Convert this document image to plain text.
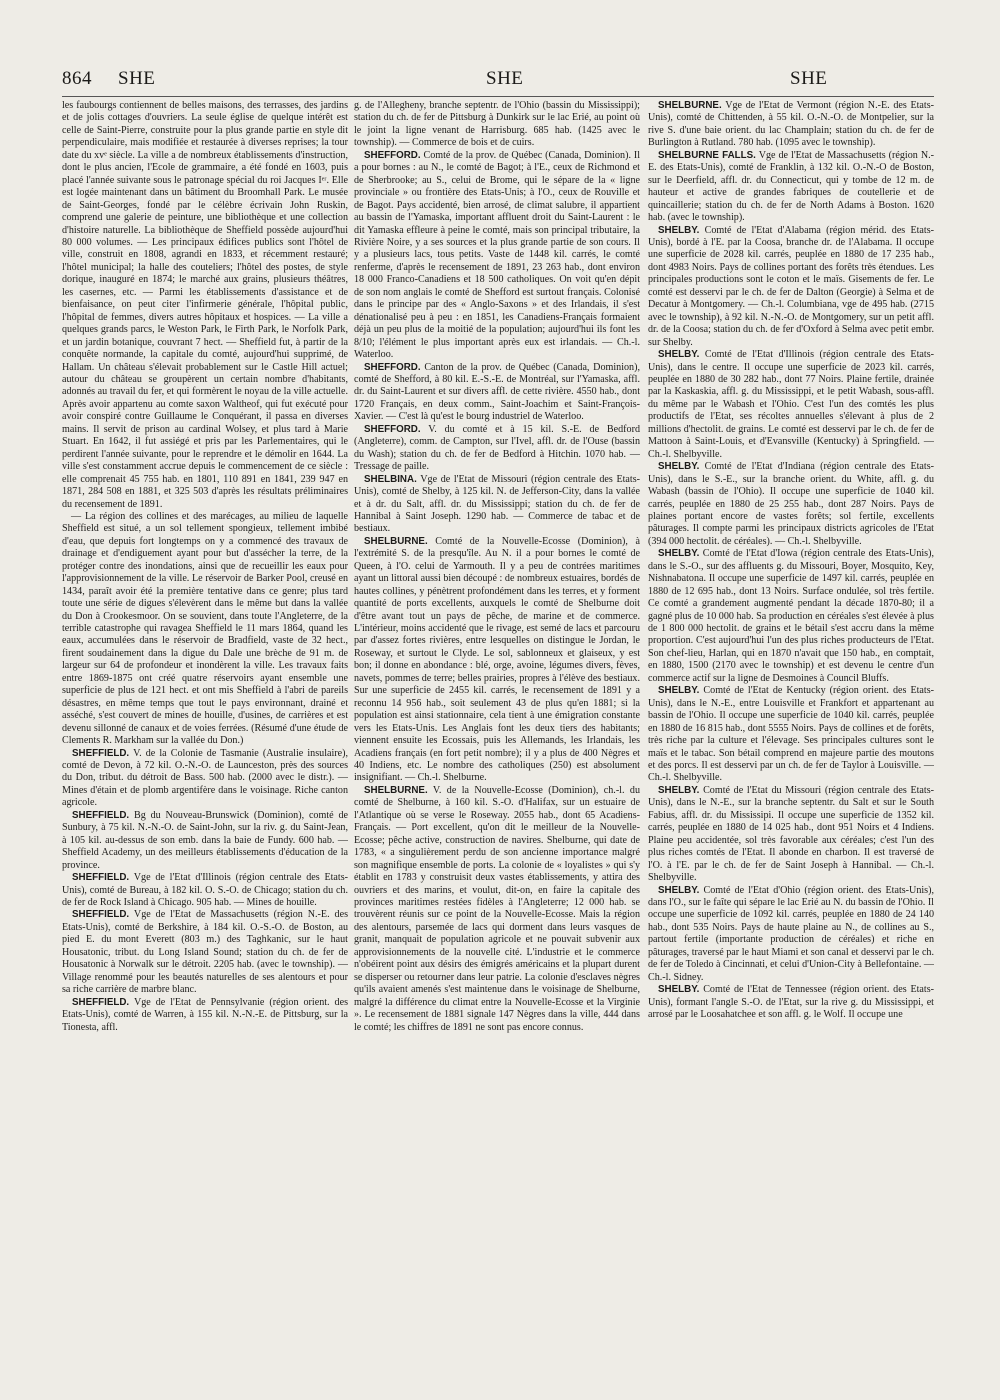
864 SHE	SHE	SHE

les faubourgs contiennent de belles maisons, des terrasses, des jardins et de jolis cottages d'ouvriers. La seule église de quelque intérêt est celle de Saint-Pierre, construite pour la plus grande partie en style dit perpendiculaire, mais modifiée et restaurée à diverses reprises; la tour date du xvᵉ siècle. La ville a de nombreux établissements d'instruction, dont le plus ancien, l'Ecole de grammaire, a été fondé en 1603, puis placé l'année suivante sous le patronage spécial du roi Jacques Iᵉʳ. Elle est logée maintenant dans un bâtiment du Broomhall Park. Le musée de Saint-Georges, fondé par le célèbre écrivain John Ruskin, comprend une galerie de peinture, une bibliothèque et une collection d'histoire naturelle. La bibliothèque de Sheffield possède aujourd'hui 80 000 volumes. — Les principaux édifices publics sont l'hôtel de ville, construit en 1808, agrandi en 1833, et récemment restauré; l'hôtel municipal; la halle des couteliers; l'hôtel des postes, de style dorique, inauguré en 1874; le marché aux grains, plusieurs théâtres, les casernes, etc. — Parmi les établissements d'assistance et de bienfaisance, on peut citer l'infirmerie générale, l'hôpital public, l'hôpital de femmes, divers autres hôpitaux et hospices. — La ville a quelques grands parcs, le Weston Park, le Firth Park, le Norfolk Park, et un jardin botanique, couvrant 7 hect. — Sheffield fut, à partir de la conquête normande, la capitale du comté, aujourd'hui supprimé, de Hallam. Un château s'élevait probablement sur le Castle Hill actuel; autour du château se groupèrent un certain nombre d'habitants, adonnés au travail du fer, et qui formèrent le noyau de la ville actuelle. Après avoir appartenu au comte saxon Waltheof, qui fut exécuté pour avoir conspiré contre Guillaume le Conquérant, il passa en diverses mains. Il servit de prison au cardinal Wolsey, et plus tard à Marie Stuart. En 1642, il fut assiégé et pris par les Parlementaires, qui le perdirent l'année suivante, pour le reprendre et le démolir en 1644. La ville s'est constamment accrue depuis le commencement de ce siècle : elle comprenait 45 755 hab. en 1801, 110 891 en 1841, 239 947 en 1871, 284 508 en 1881, et 325 503 d'après les résultats préliminaires du recensement de 1891.

— La région des collines et des marécages, au milieu de laquelle Sheffield est situé, a un sol tellement spongieux, tellement imbibé d'eau, que depuis fort longtemps on y a commencé des travaux de drainage et d'endiguement ayant pour but d'assécher la terre, de la protéger contre des inondations, ainsi que de recueillir les eaux pour l'approvisionnement de la ville. Le réservoir de Barker Pool, creusé en 1434, paraît avoir été la première tentative dans ce genre; plus tard toute une série de digues s'élevèrent dans le même but dans la vallée du Don à Crookesmoor. On se souvient, dans toute l'Angleterre, de la terrible catastrophe qui ravagea Sheffield le 11 mars 1864, quand les eaux, accumulées dans le réservoir de Bradfield, vaste de 32 hect., firent soudainement dans la digue du Dale une brèche de 91 m. de largeur sur 64 de profondeur et inondèrent la ville. Les travaux faits entre 1869-1875 ont créé quatre réservoirs ayant ensemble une superficie de plus de 121 hect. et ont mis Sheffield à l'abri de pareils désastres, en même temps que tout le pays environnant, drainé et asséché, s'est couvert de mines de houille, d'usines, de carrières et est devenu sillonné de canaux et de voies ferrées. (Résumé d'une étude de Clements R. Markham sur la vallée du Don.)

SHEFFIELD. V. de la Colonie de Tasmanie (Australie insulaire), comté de Devon, à 72 kil. O.-N.-O. de Launceston, près des sources du Don, tribut. du détroit de Bass. 500 hab. (2000 avec le distr.). — Mines d'étain et de plomb argentifère dans le voisinage. Riche canton agricole.

SHEFFIELD. Bg du Nouveau-Brunswick (Dominion), comté de Sunbury, à 75 kil. N.-N.-O. de Saint-John, sur la riv. g. du Saint-Jean, à 105 kil. au-dessus de son emb. dans la baie de Fundy. 600 hab. — Sheffield Academy, un des meilleurs établissements d'éducation de la province.

SHEFFIELD. Vge de l'Etat d'Illinois (région centrale des Etats-Unis), comté de Bureau, à 182 kil. O. S.-O. de Chicago; station du ch. de fer de Rock Island à Chicago. 905 hab. — Mines de houille.

SHEFFIELD. Vge de l'Etat de Massachusetts (région N.-E. des Etats-Unis), comté de Berkshire, à 184 kil. O.-S.-O. de Boston, au pied E. du mont Everett (803 m.) des Taghkanic, sur le haut Housatonic, tribut. du Long Island Sound; station du ch. de fer de Housatonic à Norwalk sur le détroit. 2205 hab. (avec le township). — Village renommé pour les beautés naturelles de ses alentours et pour sa riche carrière de marbre blanc.

SHEFFIELD. Vge de l'Etat de Pennsylvanie (région orient. des Etats-Unis), comté de Warren, à 155 kil. N.-N.-E. de Pittsburg, sur la Tionesta, affl.

g. de l'Allegheny, branche septentr. de l'Ohio (bassin du Mississippi); station du ch. de fer de Pittsburg à Dunkirk sur le lac Erié, au point où le joint la ligne venant de Harrisburg. 685 hab. (1425 avec le township). — Commerce de bois et de cuirs.

SHEFFORD. Comté de la prov. de Québec (Canada, Dominion). Il a pour bornes : au N., le comté de Bagot; à l'E., ceux de Richmond et de Sherbrooke; au S., celui de Brome, qui le sépare de la « ligne provinciale » ou frontière des Etats-Unis; à l'O., ceux de Rouville et de Bagot. Pays accidenté, bien arrosé, de climat salubre, il appartient au bassin de l'Yamaska, important affluent droit du Saint-Laurent : le dit Yamaska effleure à peine le comté, mais son principal tributaire, la Rivière Noire, y a ses sources et la plus grande partie de son cours. Il y a plusieurs lacs, tous petits. Vaste de 1448 kil. carrés, le comté renferme, d'après le recensement de 1891, 23 263 hab., dont environ 18 000 Franco-Canadiens et 18 500 catholiques. On voit qu'en dépit de son nom anglais le comté de Shefford est surtout français. Colonisé dans le principe par des « Anglo-Saxons » et des Irlandais, il s'est dénationalisé peu à peu : en 1851, les Canadiens-Français formaient déjà un peu plus de la moitié de la population; aujourd'hui ils font les 8/10; l'élément le plus important après eux est irlandais. — Ch.-l. Waterloo.

SHEFFORD. Canton de la prov. de Québec (Canada, Dominion), comté de Shefford, à 80 kil. E.-S.-E. de Montréal, sur l'Yamaska, affl. dr. du Saint-Laurent et sur divers affl. de cette rivière. 4550 hab., dont 1720 Français, en deux comm., Saint-Joachim et Saint-François-Xavier. — C'est là qu'est le bourg industriel de Waterloo.

SHEFFORD. V. du comté et à 15 kil. S.-E. de Bedford (Angleterre), comm. de Campton, sur l'Ivel, affl. dr. de l'Ouse (bassin du Wash); station du ch. de fer de Bedford à Hitchin. 1070 hab. — Tressage de paille.

SHELBINA. Vge de l'Etat de Missouri (région centrale des Etats-Unis), comté de Shelby, à 125 kil. N. de Jefferson-City, dans la vallée et à dr. du Salt, affl. dr. du Mississippi; station du ch. de fer de Hannibal à Saint Joseph. 1290 hab. — Commerce de tabac et de bestiaux.

SHELBURNE. Comté de la Nouvelle-Ecosse (Dominion), à l'extrémité S. de la presqu'île. Au N. il a pour bornes le comté de Queen, à l'O. celui de Yarmouth. Il y a peu de contrées maritimes ayant un littoral aussi bien découpé : de nombreux estuaires, bordés de hautes collines, y pénètrent profondément dans les terres, et y forment quantité de ports excellents, auxquels le comté de Shelburne doit d'être avant tout un pays de pêche, de marine et de commerce. L'intérieur, moins accidenté que le rivage, est semé de lacs et parcouru par d'assez fortes rivières, entre lesquelles on distingue le Jordan, le Roseway, et surtout le Clyde. Le sol, sablonneux et glaiseux, y est bon; il donne en abondance : blé, orge, avoine, légumes divers, fèves, navets, pommes de terre; belles prairies, propres à l'élève des bestiaux. Sur une superficie de 2455 kil. carrés, le recensement de 1891 y a reconnu 14 956 hab., soit seulement 43 de plus qu'en 1881; si la population est ainsi stationnaire, cela tient à une émigration constante vers les Etats-Unis. Les Anglais font les deux tiers des habitants; viennent ensuite les Ecossais, puis les Allemands, les Irlandais, les Acadiens français (en fort petit nombre); il y a plus de 400 Nègres et 40 Indiens, etc. Le nombre des catholiques (250) est absolument insignifiant. — Ch.-l. Shelburne.

SHELBURNE. V. de la Nouvelle-Ecosse (Dominion), ch.-l. du comté de Shelburne, à 160 kil. S.-O. d'Halifax, sur un estuaire de l'Atlantique où se verse le Roseway. 2055 hab., dont 65 Acadiens-Français. — Port excellent, qu'on dit le meilleur de la Nouvelle-Ecosse; pêche active, construction de navires. Shelburne, qui date de 1783, « a singulièrement perdu de son ancienne importance malgré son magnifique ensemble de ports. La colonie de « loyalistes » qui s'y établit en 1783 y construisit deux vastes établissements, y attira des ouvriers et des marins, et voulut, dit-on, en faire la capitale des provinces maritimes restées fidèles à l'Angleterre; 12 000 hab. se trouvèrent réunis sur ce point de la Nouvelle-Ecosse. Mais la région des alentours, parsemée de lacs qui dorment dans leurs vasques de granit, manquait de population agricole et ne pouvait subvenir aux approvisionnements de la nouvelle cité. L'industrie et le commerce n'obéirent point aux désirs des émigrés américains et la plupart durent se disperser ou retourner dans leur patrie. La colonie d'esclaves nègres qu'ils avaient amenés s'est maintenue dans le voisinage de Shelburne, malgré la différence du climat entre la Nouvelle-Ecosse et la Virginie ». Le recensement de 1881 signale 147 Nègres dans la ville, 444 dans le comté; les chiffres de 1891 ne sont pas encore connus.

SHELBURNE. Vge de l'Etat de Vermont (région N.-E. des Etats-Unis), comté de Chittenden, à 55 kil. O.-N.-O. de Montpelier, sur la rive S. d'une baie orient. du lac Champlain; station du ch. de fer de Burlington à Rutland. 780 hab. (1095 avec le township).

SHELBURNE FALLS. Vge de l'Etat de Massachusetts (région N.-E. des Etats-Unis), comté de Franklin, à 132 kil. O.-N.-O de Boston, sur le Deerfield, affl. dr. du Connecticut, qui y tombe de 12 m. de hauteur et active de grandes fabriques de coutellerie et de quincaillerie; station du ch. de fer de North Adams à Boston. 1620 hab. (avec le township).

SHELBY. Comté de l'Etat d'Alabama (région mérid. des Etats-Unis), bordé à l'E. par la Coosa, branche dr. de l'Alabama. Il occupe une superficie de 2028 kil. carrés, peuplée en 1880 de 17 235 hab., dont 4983 Noirs. Pays de collines portant des forêts très étendues. Les principales productions sont le coton et le maïs. Gisements de fer. Le comté est desservi par le ch. de fer de Dalton (Georgie) à Selma et de Decatur à Montgomery. — Ch.-l. Columbiana, vge de 495 hab. (2715 avec le township), à 92 kil. N.-N.-O. de Montgomery, sur un petit affl. dr. de la Coosa; station du ch. de fer d'Oxford à Selma avec petit embr. sur Shelby.

SHELBY. Comté de l'Etat d'Illinois (région centrale des Etats-Unis), dans le centre. Il occupe une superficie de 2023 kil. carrés, peuplée en 1880 de 30 282 hab., dont 77 Noirs. Plaine fertile, drainée par la Kaskaskia, affl. g. du Mississippi, et le petit Wabash, sous-affl. du même par le Wabash et l'Ohio. C'est l'un des comtés les plus productifs de l'Etat, ses récoltes annuelles s'élevant à plus de 2 millions d'hectolit. de grains. Le comté est desservi par le ch. de fer de Mattoon à Saint-Louis, et d'Evansville (Kentucky) à Springfield. — Ch.-l. Shelbyville.

SHELBY. Comté de l'Etat d'Indiana (région centrale des Etats-Unis), dans le S.-E., sur la branche orient. du White, affl. g. du Wabash (bassin de l'Ohio). Il occupe une superficie de 1040 kil. carrés, peuplée en 1880 de 25 255 hab., dont 287 Noirs. Pays de plaines portant encore de vastes forêts; sol fertile, excellents pâturages. Il compte parmi les principaux districts agricoles de l'Etat (394 000 hectolit. de céréales). — Ch.-l. Shelbyville.

SHELBY. Comté de l'Etat d'Iowa (région centrale des Etats-Unis), dans le S.-O., sur des affluents g. du Missouri, Boyer, Mosquito, Key, Nishnabatona. Il occupe une superficie de 1497 kil. carrés, peuplée en 1880 de 12 695 hab., dont 13 Noirs. Surface ondulée, sol très fertile. Ce comté a grandement augmenté pendant la décade 1870-80; il a gagné plus de 10 000 hab. Sa production en céréales s'est élevée à plus de 1 800 000 hectolit. de grains et le bétail s'est accru dans la même proportion. C'est aujourd'hui l'un des plus riches producteurs de l'Etat. Son chef-lieu, Harlan, qui en 1870 n'avait que 150 hab., en comptait, en 1880, 1500 (2170 avec le township) et est devenu le centre d'un commerce actif sur la ligne de Desmoines à Council Bluffs.

SHELBY. Comté de l'Etat de Kentucky (région orient. des Etats-Unis), dans le N.-E., entre Louisville et Frankfort et appartenant au bassin de l'Ohio. Il occupe une superficie de 1040 kil. carrés, peuplée en 1880 de 16 815 hab., dont 5555 Noirs. Pays de collines et de forêts, très riche par la culture et l'élevage. Ses principales cultures sont le maïs et le tabac. Son bétail comprend en majeure partie des moutons et des porcs. Il est desservi par un ch. de fer de Taylor à Louisville. — Ch.-l. Shelbyville.

SHELBY. Comté de l'Etat du Missouri (région centrale des Etats-Unis), dans le N.-E., sur la branche septentr. du Salt et sur le South Fabius, affl. dr. du Mississipi. Il occupe une superficie de 1352 kil. carrés, peuplée en 1880 de 14 025 hab., dont 951 Noirs et 4 Indiens. Plaine peu accidentée, sol très favorable aux céréales; c'est l'un des plus riches comtés de l'Etat. Il abonde en charbon. Il est traversé de l'O. à l'E. par le ch. de fer de Saint Joseph à Hannibal. — Ch.-l. Shelbyville.

SHELBY. Comté de l'Etat d'Ohio (région orient. des Etats-Unis), dans l'O., sur le faîte qui sépare le lac Erié au N. du bassin de l'Ohio. Il occupe une superficie de 1092 kil. carrés, peuplée en 1880 de 24 140 hab., dont 535 Noirs. Pays de haute plaine au N., de collines au S., partout fertile (importante production de céréales) et riche en pâturages, traversé par le haut Miami et son canal et desservi par le ch. de fer de Toledo à Cincinnati, et celui d'Union-City à Bellefontaine. — Ch.-l. Sidney.

SHELBY. Comté de l'Etat de Tennessee (région orient. des Etats-Unis), formant l'angle S.-O. de l'Etat, sur la rive g. du Mississippi, et arrosé par le Loosahatchee et son affl. g. le Wolf. Il occupe une
